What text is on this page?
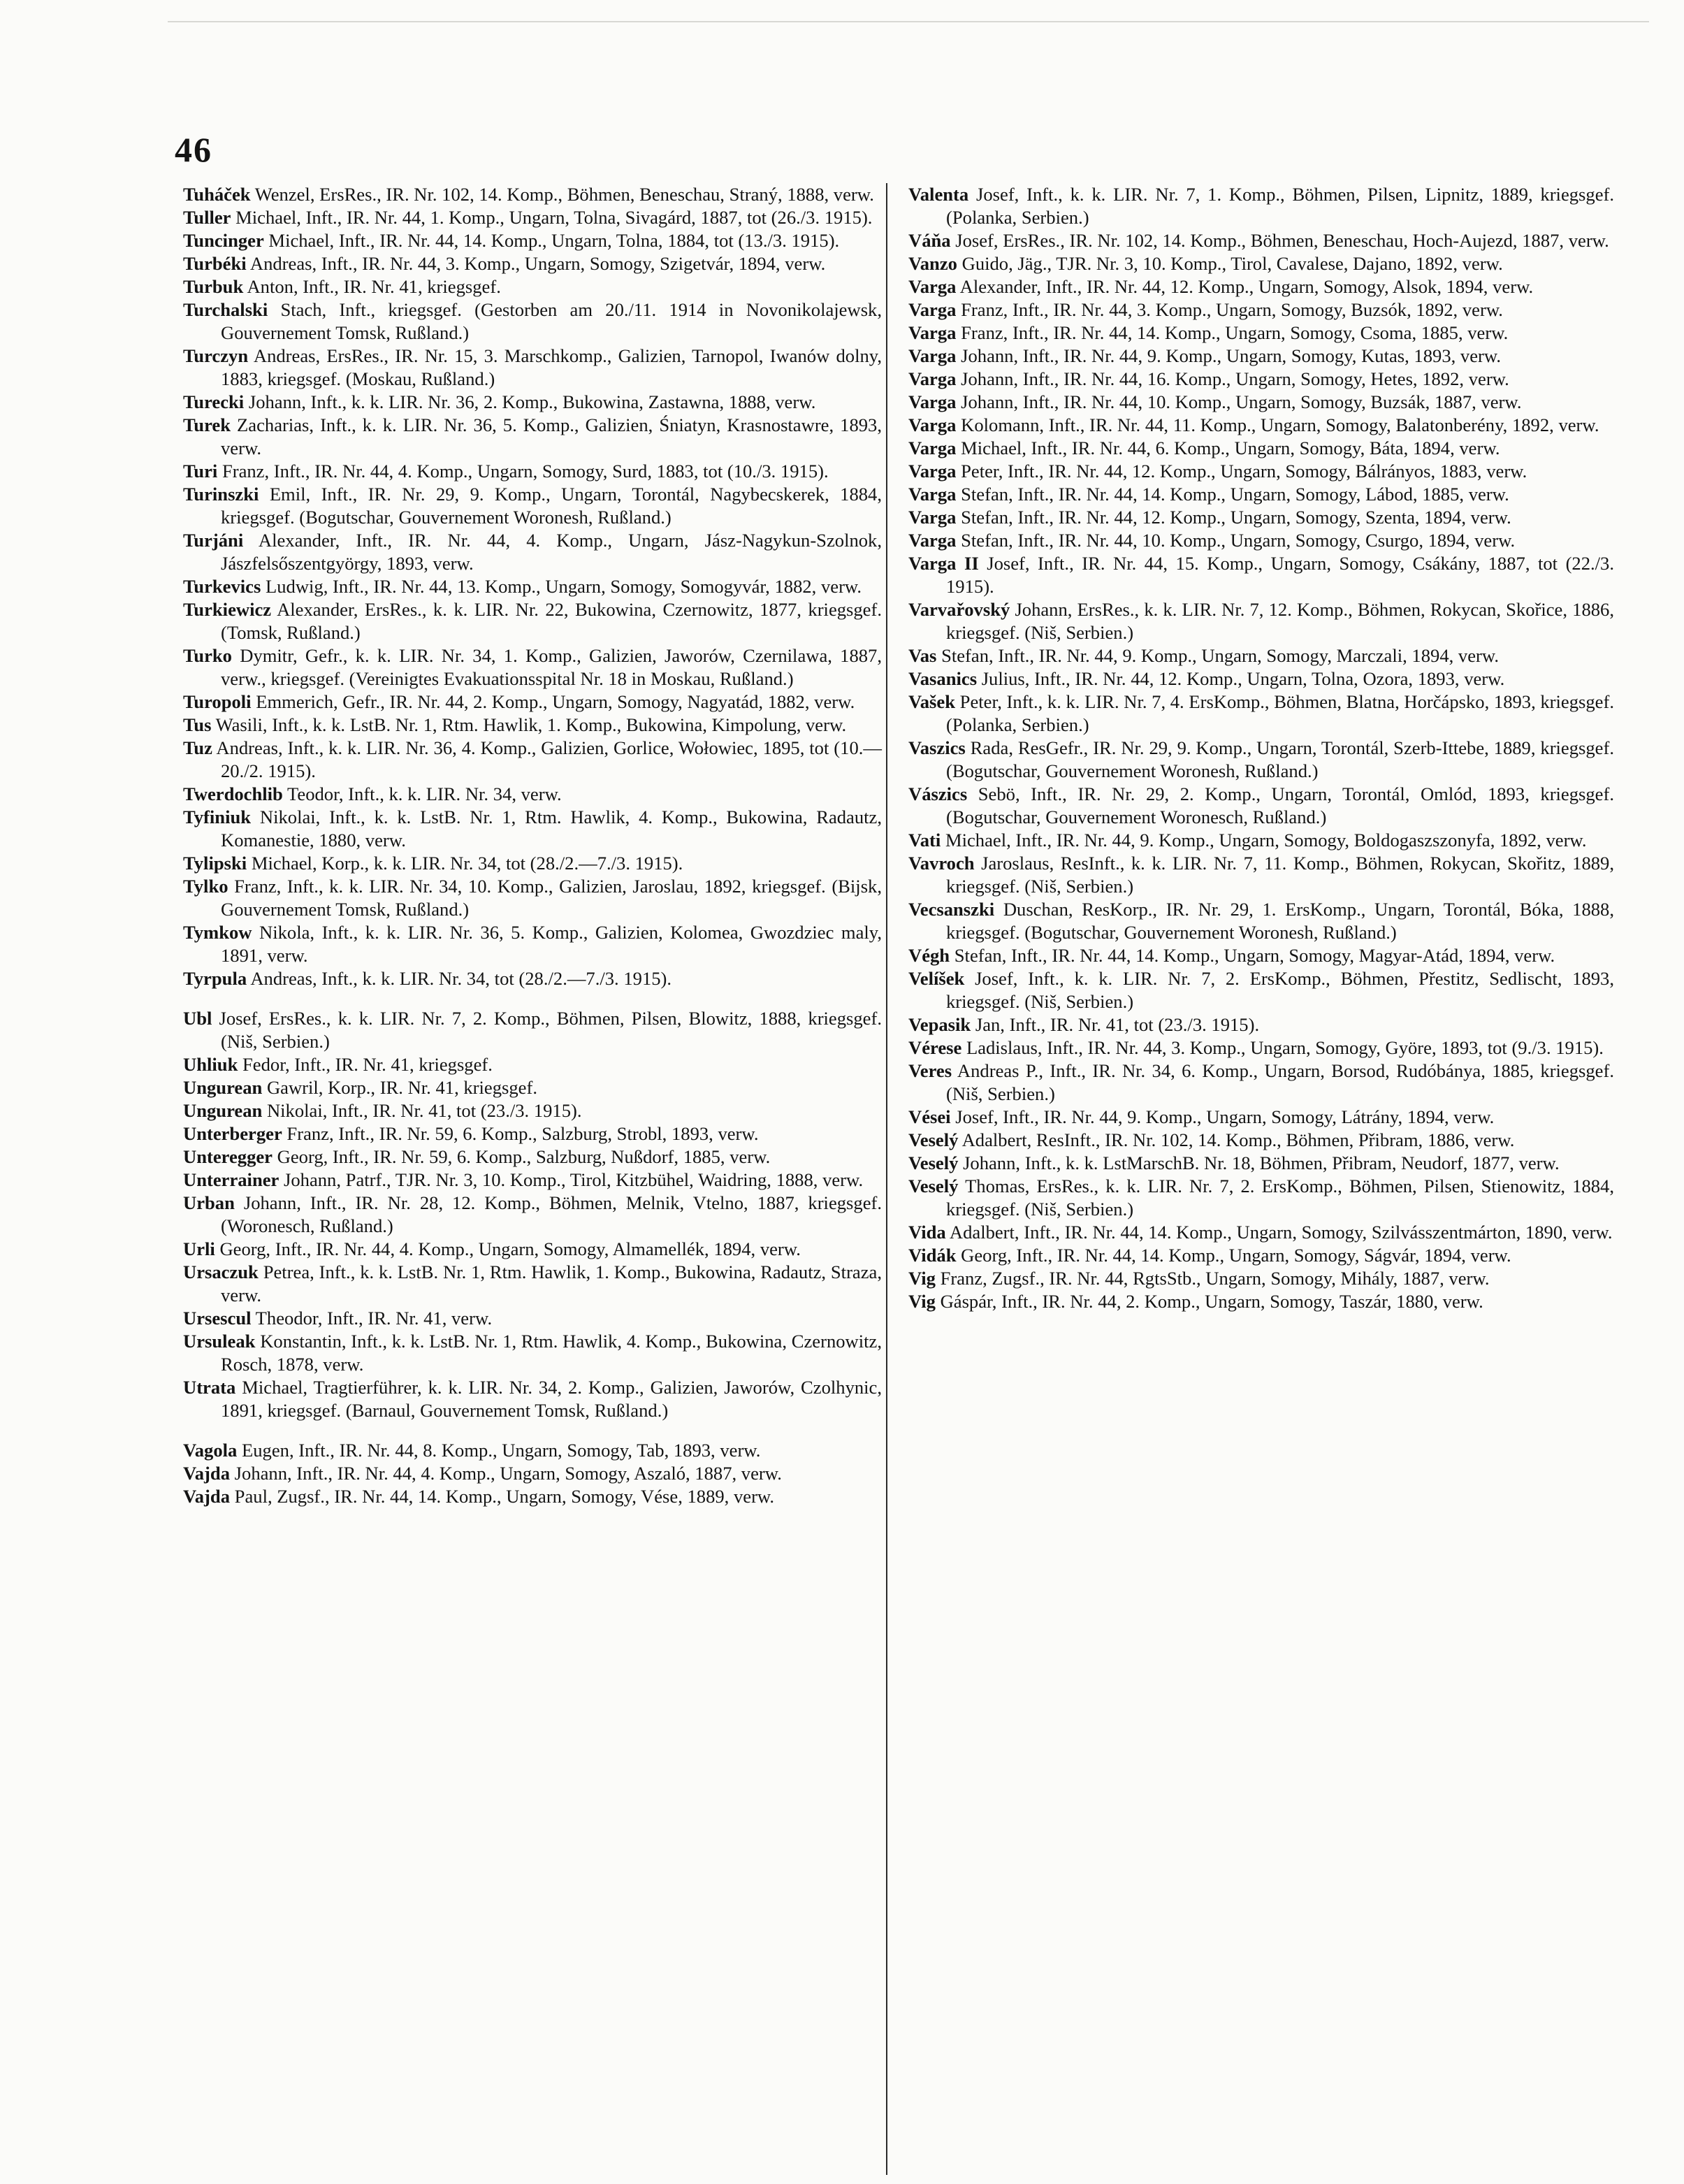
46

Tuháček Wenzel, ErsRes., IR. Nr. 102, 14. Komp., Böhmen, Beneschau, Straný, 1888, verw.

Tuller Michael, Inft., IR. Nr. 44, 1. Komp., Ungarn, Tolna, Sivagárd, 1887, tot (26./3. 1915).

Tuncinger Michael, Inft., IR. Nr. 44, 14. Komp., Ungarn, Tolna, 1884, tot (13./3. 1915).

Turbéki Andreas, Inft., IR. Nr. 44, 3. Komp., Ungarn, Somogy, Szigetvár, 1894, verw.

Turbuk Anton, Inft., IR. Nr. 41, kriegsgef.

Turchalski Stach, Inft., kriegsgef. (Gestorben am 20./11. 1914 in Novonikolajewsk, Gouvernement Tomsk, Rußland.)

Turczyn Andreas, ErsRes., IR. Nr. 15, 3. Marschkomp., Galizien, Tarnopol, Iwanów dolny, 1883, kriegsgef. (Moskau, Rußland.)

Turecki Johann, Inft., k. k. LIR. Nr. 36, 2. Komp., Bukowina, Zastawna, 1888, verw.

Turek Zacharias, Inft., k. k. LIR. Nr. 36, 5. Komp., Galizien, Śniatyn, Krasnostawre, 1893, verw.

Turi Franz, Inft., IR. Nr. 44, 4. Komp., Ungarn, Somogy, Surd, 1883, tot (10./3. 1915).

Turinszki Emil, Inft., IR. Nr. 29, 9. Komp., Ungarn, Torontál, Nagybecskerek, 1884, kriegsgef. (Bogutschar, Gouvernement Woronesh, Rußland.)

Turjáni Alexander, Inft., IR. Nr. 44, 4. Komp., Ungarn, Jász-Nagykun-Szolnok, Jászfelsőszentgyörgy, 1893, verw.

Turkevics Ludwig, Inft., IR. Nr. 44, 13. Komp., Ungarn, Somogy, Somogyvár, 1882, verw.

Turkiewicz Alexander, ErsRes., k. k. LIR. Nr. 22, Bukowina, Czernowitz, 1877, kriegsgef. (Tomsk, Rußland.)

Turko Dymitr, Gefr., k. k. LIR. Nr. 34, 1. Komp., Galizien, Jaworów, Czernilawa, 1887, verw., kriegsgef. (Vereinigtes Evakuationsspital Nr. 18 in Moskau, Rußland.)

Turopoli Emmerich, Gefr., IR. Nr. 44, 2. Komp., Ungarn, Somogy, Nagyatád, 1882, verw.

Tus Wasili, Inft., k. k. LstB. Nr. 1, Rtm. Hawlik, 1. Komp., Bukowina, Kimpolung, verw.

Tuz Andreas, Inft., k. k. LIR. Nr. 36, 4. Komp., Galizien, Gorlice, Wołowiec, 1895, tot (10.—20./2. 1915).

Twerdochlib Teodor, Inft., k. k. LIR. Nr. 34, verw.

Tyfiniuk Nikolai, Inft., k. k. LstB. Nr. 1, Rtm. Hawlik, 4. Komp., Bukowina, Radautz, Komanestie, 1880, verw.

Tylipski Michael, Korp., k. k. LIR. Nr. 34, tot (28./2.—7./3. 1915).

Tylko Franz, Inft., k. k. LIR. Nr. 34, 10. Komp., Galizien, Jaroslau, 1892, kriegsgef. (Bijsk, Gouvernement Tomsk, Rußland.)

Tymkow Nikola, Inft., k. k. LIR. Nr. 36, 5. Komp., Galizien, Kolomea, Gwozdziec maly, 1891, verw.

Tyrpula Andreas, Inft., k. k. LIR. Nr. 34, tot (28./2.—7./3. 1915).

Ubl Josef, ErsRes., k. k. LIR. Nr. 7, 2. Komp., Böhmen, Pilsen, Blowitz, 1888, kriegsgef. (Niš, Serbien.)

Uhliuk Fedor, Inft., IR. Nr. 41, kriegsgef.

Ungurean Gawril, Korp., IR. Nr. 41, kriegsgef.

Ungurean Nikolai, Inft., IR. Nr. 41, tot (23./3. 1915).

Unterberger Franz, Inft., IR. Nr. 59, 6. Komp., Salzburg, Strobl, 1893, verw.

Unteregger Georg, Inft., IR. Nr. 59, 6. Komp., Salzburg, Nußdorf, 1885, verw.

Unterrainer Johann, Patrf., TJR. Nr. 3, 10. Komp., Tirol, Kitzbühel, Waidring, 1888, verw.

Urban Johann, Inft., IR. Nr. 28, 12. Komp., Böhmen, Melnik, Vtelno, 1887, kriegsgef. (Woronesch, Rußland.)

Urli Georg, Inft., IR. Nr. 44, 4. Komp., Ungarn, Somogy, Almamellék, 1894, verw.

Ursaczuk Petrea, Inft., k. k. LstB. Nr. 1, Rtm. Hawlik, 1. Komp., Bukowina, Radautz, Straza, verw.

Ursescul Theodor, Inft., IR. Nr. 41, verw.

Ursuleak Konstantin, Inft., k. k. LstB. Nr. 1, Rtm. Hawlik, 4. Komp., Bukowina, Czernowitz, Rosch, 1878, verw.

Utrata Michael, Tragtierführer, k. k. LIR. Nr. 34, 2. Komp., Galizien, Jaworów, Czolhynic, 1891, kriegsgef. (Barnaul, Gouvernement Tomsk, Rußland.)

Vagola Eugen, Inft., IR. Nr. 44, 8. Komp., Ungarn, Somogy, Tab, 1893, verw.

Vajda Johann, Inft., IR. Nr. 44, 4. Komp., Ungarn, Somogy, Aszaló, 1887, verw.

Vajda Paul, Zugsf., IR. Nr. 44, 14. Komp., Ungarn, Somogy, Vése, 1889, verw.

Valenta Josef, Inft., k. k. LIR. Nr. 7, 1. Komp., Böhmen, Pilsen, Lipnitz, 1889, kriegsgef. (Polanka, Serbien.)

Váňa Josef, ErsRes., IR. Nr. 102, 14. Komp., Böhmen, Beneschau, Hoch-Aujezd, 1887, verw.

Vanzo Guido, Jäg., TJR. Nr. 3, 10. Komp., Tirol, Cavalese, Dajano, 1892, verw.

Varga Alexander, Inft., IR. Nr. 44, 12. Komp., Ungarn, Somogy, Alsok, 1894, verw.

Varga Franz, Inft., IR. Nr. 44, 3. Komp., Ungarn, Somogy, Buzsók, 1892, verw.

Varga Franz, Inft., IR. Nr. 44, 14. Komp., Ungarn, Somogy, Csoma, 1885, verw.

Varga Johann, Inft., IR. Nr. 44, 9. Komp., Ungarn, Somogy, Kutas, 1893, verw.

Varga Johann, Inft., IR. Nr. 44, 16. Komp., Ungarn, Somogy, Hetes, 1892, verw.

Varga Johann, Inft., IR. Nr. 44, 10. Komp., Ungarn, Somogy, Buzsák, 1887, verw.

Varga Kolomann, Inft., IR. Nr. 44, 11. Komp., Ungarn, Somogy, Balatonberény, 1892, verw.

Varga Michael, Inft., IR. Nr. 44, 6. Komp., Ungarn, Somogy, Báta, 1894, verw.

Varga Peter, Inft., IR. Nr. 44, 12. Komp., Ungarn, Somogy, Bálrányos, 1883, verw.

Varga Stefan, Inft., IR. Nr. 44, 14. Komp., Ungarn, Somogy, Lábod, 1885, verw.

Varga Stefan, Inft., IR. Nr. 44, 12. Komp., Ungarn, Somogy, Szenta, 1894, verw.

Varga Stefan, Inft., IR. Nr. 44, 10. Komp., Ungarn, Somogy, Csurgo, 1894, verw.

Varga II Josef, Inft., IR. Nr. 44, 15. Komp., Ungarn, Somogy, Csákány, 1887, tot (22./3. 1915).

Varvařovský Johann, ErsRes., k. k. LIR. Nr. 7, 12. Komp., Böhmen, Rokycan, Skořice, 1886, kriegsgef. (Niš, Serbien.)

Vas Stefan, Inft., IR. Nr. 44, 9. Komp., Ungarn, Somogy, Marczali, 1894, verw.

Vasanics Julius, Inft., IR. Nr. 44, 12. Komp., Ungarn, Tolna, Ozora, 1893, verw.

Vašek Peter, Inft., k. k. LIR. Nr. 7, 4. ErsKomp., Böhmen, Blatna, Horčápsko, 1893, kriegsgef. (Polanka, Serbien.)

Vaszics Rada, ResGefr., IR. Nr. 29, 9. Komp., Ungarn, Torontál, Szerb-Ittebe, 1889, kriegsgef. (Bogutschar, Gouvernement Woronesh, Rußland.)

Vászics Sebö, Inft., IR. Nr. 29, 2. Komp., Ungarn, Torontál, Omlód, 1893, kriegsgef. (Bogutschar, Gouvernement Woronesch, Rußland.)

Vati Michael, Inft., IR. Nr. 44, 9. Komp., Ungarn, Somogy, Boldogaszszonyfa, 1892, verw.

Vavroch Jaroslaus, ResInft., k. k. LIR. Nr. 7, 11. Komp., Böhmen, Rokycan, Skořitz, 1889, kriegsgef. (Niš, Serbien.)

Vecsanszki Duschan, ResKorp., IR. Nr. 29, 1. ErsKomp., Ungarn, Torontál, Bóka, 1888, kriegsgef. (Bogutschar, Gouvernement Woronesh, Rußland.)

Végh Stefan, Inft., IR. Nr. 44, 14. Komp., Ungarn, Somogy, Magyar-Atád, 1894, verw.

Velíšek Josef, Inft., k. k. LIR. Nr. 7, 2. ErsKomp., Böhmen, Přestitz, Sedlischt, 1893, kriegsgef. (Niš, Serbien.)

Vepasik Jan, Inft., IR. Nr. 41, tot (23./3. 1915).

Vérese Ladislaus, Inft., IR. Nr. 44, 3. Komp., Ungarn, Somogy, Györe, 1893, tot (9./3. 1915).

Veres Andreas P., Inft., IR. Nr. 34, 6. Komp., Ungarn, Borsod, Rudóbánya, 1885, kriegsgef. (Niš, Serbien.)

Vései Josef, Inft., IR. Nr. 44, 9. Komp., Ungarn, Somogy, Látrány, 1894, verw.

Veselý Adalbert, ResInft., IR. Nr. 102, 14. Komp., Böhmen, Přibram, 1886, verw.

Veselý Johann, Inft., k. k. LstMarschB. Nr. 18, Böhmen, Přibram, Neudorf, 1877, verw.

Veselý Thomas, ErsRes., k. k. LIR. Nr. 7, 2. ErsKomp., Böhmen, Pilsen, Stienowitz, 1884, kriegsgef. (Niš, Serbien.)

Vida Adalbert, Inft., IR. Nr. 44, 14. Komp., Ungarn, Somogy, Szilvásszentmárton, 1890, verw.

Vidák Georg, Inft., IR. Nr. 44, 14. Komp., Ungarn, Somogy, Ságvár, 1894, verw.

Vig Franz, Zugsf., IR. Nr. 44, RgtsStb., Ungarn, Somogy, Mihály, 1887, verw.

Vig Gáspár, Inft., IR. Nr. 44, 2. Komp., Ungarn, Somogy, Taszár, 1880, verw.
